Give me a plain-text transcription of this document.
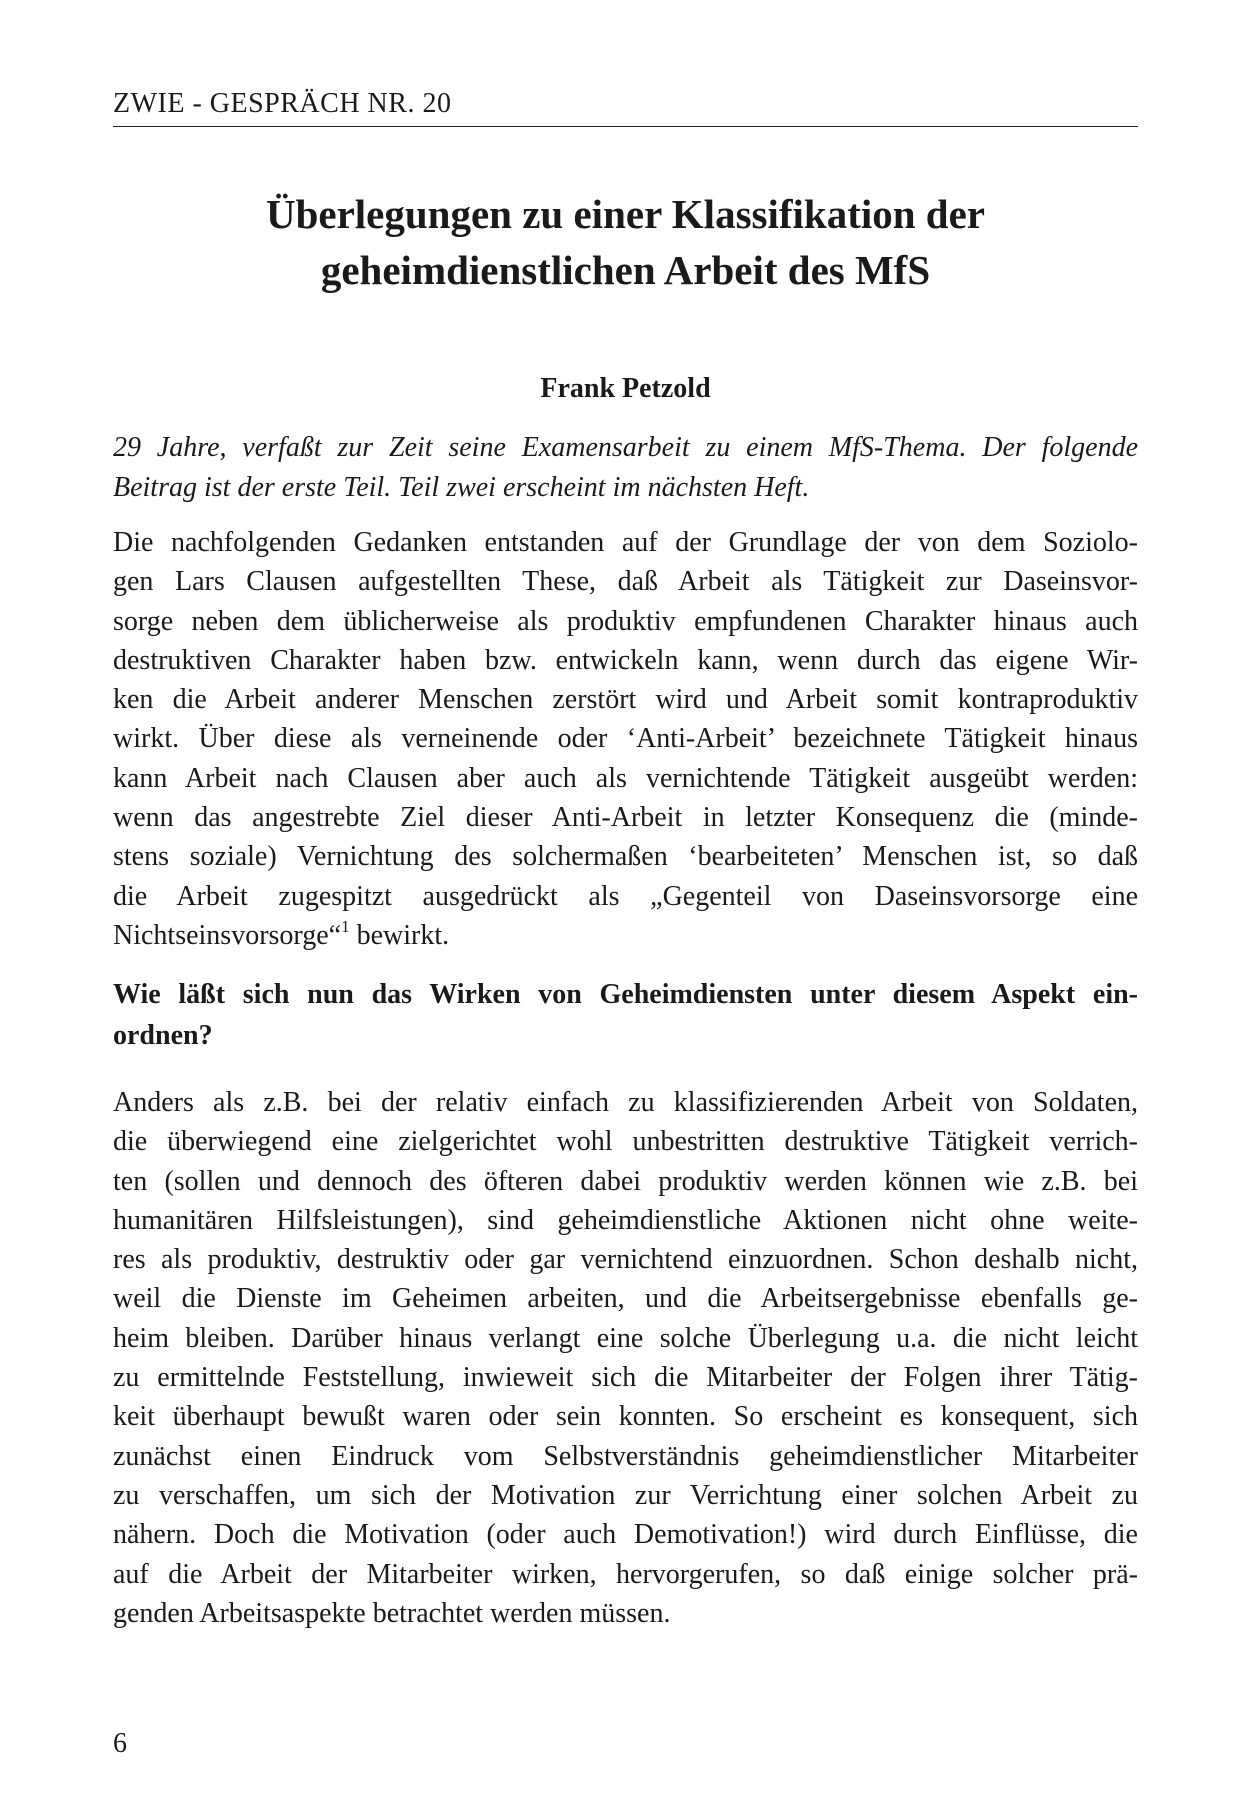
ZWIE - GESPRÄCH NR. 20
Überlegungen zu einer Klassifikation der
geheimdienstlichen Arbeit des MfS
Frank Petzold
29 Jahre, verfaßt zur Zeit seine Examensarbeit zu einem MfS-Thema. Der folgende
Beitrag ist der erste Teil. Teil zwei erscheint im nächsten Heft.
Die nachfolgenden Gedanken entstanden auf der Grundlage der von dem Soziolo-
gen Lars Clausen aufgestellten These, daß Arbeit als Tätigkeit zur Daseinsvor-
sorge neben dem üblicherweise als produktiv empfundenen Charakter hinaus auch
destruktiven Charakter haben bzw. entwickeln kann, wenn durch das eigene Wir-
ken die Arbeit anderer Menschen zerstört wird und Arbeit somit kontraproduktiv
wirkt. Über diese als verneinende oder ‘Anti-Arbeit’ bezeichnete Tätigkeit hinaus
kann Arbeit nach Clausen aber auch als vernichtende Tätigkeit ausgeübt werden:
wenn das angestrebte Ziel dieser Anti-Arbeit in letzter Konsequenz die (minde-
stens soziale) Vernichtung des solchermaßen ‘bearbeiteten’ Menschen ist, so daß
die Arbeit zugespitzt ausgedrückt als „Gegenteil von Daseinsvorsorge eine
Nichtseinsvorsorge“$^1$ bewirkt.
Wie läßt sich nun das Wirken von Geheimdiensten unter diesem Aspekt ein-
ordnen?
Anders als z.B. bei der relativ einfach zu klassifizierenden Arbeit von Soldaten,
die überwiegend eine zielgerichtet wohl unbestritten destruktive Tätigkeit verrich-
ten (sollen und dennoch des öfteren dabei produktiv werden können wie z.B. bei
humanitären Hilfsleistungen), sind geheimdienstliche Aktionen nicht ohne weite-
res als produktiv, destruktiv oder gar vernichtend einzuordnen. Schon deshalb nicht,
weil die Dienste im Geheimen arbeiten, und die Arbeitsergebnisse ebenfalls ge-
heim bleiben. Darüber hinaus verlangt eine solche Überlegung u.a. die nicht leicht
zu ermittelnde Feststellung, inwieweit sich die Mitarbeiter der Folgen ihrer Tätig-
keit überhaupt bewußt waren oder sein konnten. So erscheint es konsequent, sich
zunächst einen Eindruck vom Selbstverständnis geheimdienstlicher Mitarbeiter
zu verschaffen, um sich der Motivation zur Verrichtung einer solchen Arbeit zu
nähern. Doch die Motivation (oder auch Demotivation!) wird durch Einflüsse, die
auf die Arbeit der Mitarbeiter wirken, hervorgerufen, so daß einige solcher prä-
genden Arbeitsaspekte betrachtet werden müssen.
6
